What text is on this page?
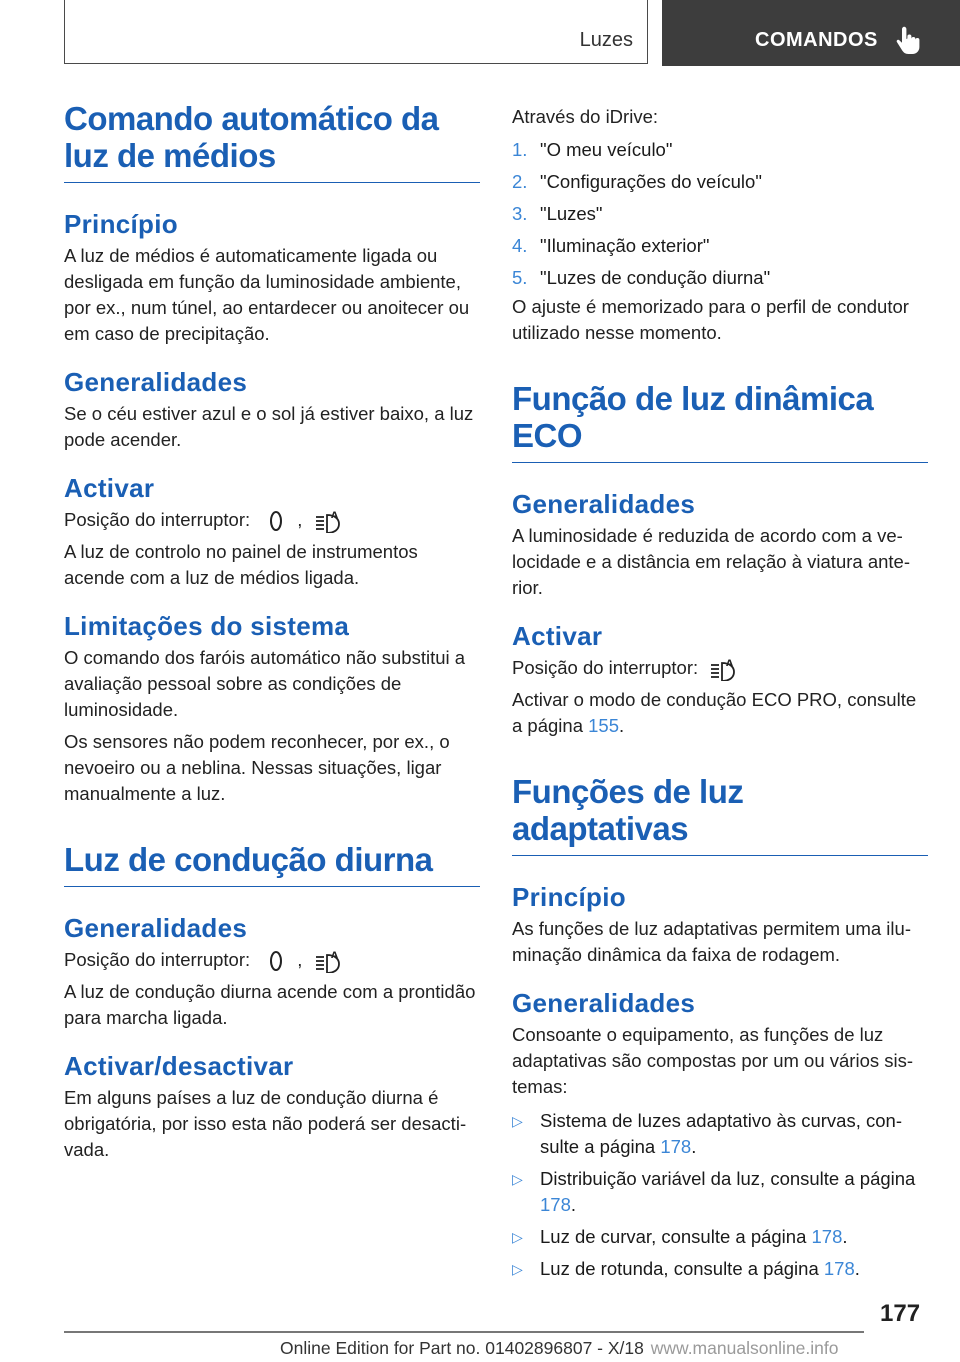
Luzes	COMANDOS
Comando automático da luz de médios
Princípio

A luz de médios é automaticamente ligada ou desligada em função da luminosidade ambiente, por ex., num túnel, ao entardecer ou anoitecer ou em caso de precipitação.

Generalidades

Se o céu estiver azul e o sol já estiver baixo, a luz pode acender.

Activar

Posição do interruptor:	,	A

A luz de controlo no painel de instrumentos acende com a luz de médios ligada.

Limitações do sistema

O comando dos faróis automático não substitui a avaliação pessoal sobre as condições de luminosidade.

Os sensores não podem reconhecer, por ex., o nevoeiro ou a neblina. Nessas situações, ligar manualmente a luz.

Luz de condução diurna
Generalidades

Posição do interruptor:	,	A

A luz de condução diurna acende com a prontidão para marcha ligada.

Activar/desactivar

Em alguns países a luz de condução diurna é obrigatória, por isso esta não poderá ser desactivada.

Através do iDrive:

1. "O meu veículo"
2. "Configurações do veículo"
3. "Luzes"
4. "Iluminação exterior"
5. "Luzes de condução diurna"

O ajuste é memorizado para o perfil de condutor utilizado nesse momento.

Função de luz dinâmica ECO
Generalidades

A luminosidade é reduzida de acordo com a velocidade e a distância em relação à viatura anterior.

Activar

Posição do interruptor:	A

Activar o modo de condução ECO PRO, consulte a página 155.

Funções de luz adaptativas
Princípio

As funções de luz adaptativas permitem uma iluminação dinâmica da faixa de rodagem.

Generalidades

Consoante o equipamento, as funções de luz adaptativas são compostas por um ou vários sistemas:

▷ Sistema de luzes adaptativo às curvas, consulte a página 178.
▷ Distribuição variável da luz, consulte a página 178.
▷ Luz de curvar, consulte a página 178.
▷ Luz de rotunda, consulte a página 178.
177
Online Edition for Part no. 01402896807 - X/18 www.manualsonline.info
